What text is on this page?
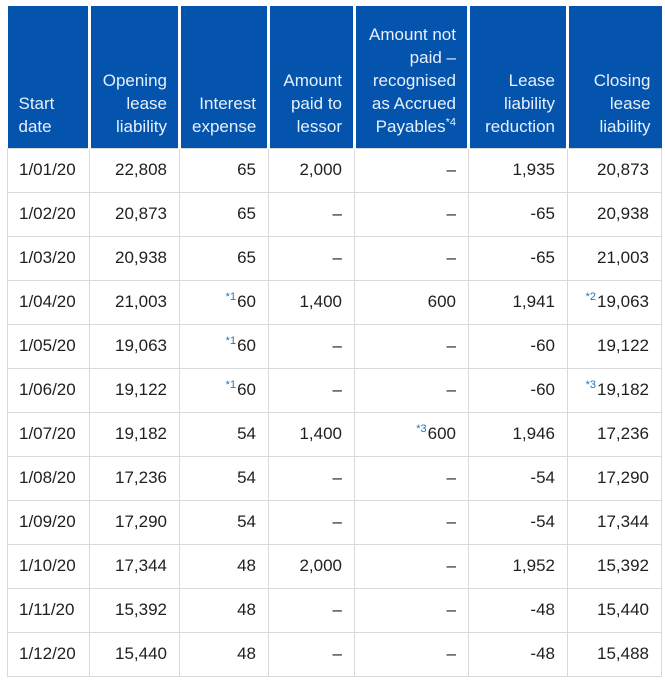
Start date	Opening lease liability	Interest expense	Amount paid to lessor	Amount not paid – recognised as Accrued Payables$^{*4}$	Lease liability reduction	Closing lease liability
1/01/20	22,808	65	2,000	–	1,935	20,873
1/02/20	20,873	65	–	–	-65	20,938
1/03/20	20,938	65	–	–	-65	21,003
1/04/20	21,003	$^{*1}$60	1,400	600	1,941	$^{*2}$19,063
1/05/20	19,063	$^{*1}$60	–	–	-60	19,122
1/06/20	19,122	$^{*1}$60	–	–	-60	$^{*3}$19,182
1/07/20	19,182	54	1,400	$^{*3}$600	1,946	17,236
1/08/20	17,236	54	–	–	-54	17,290
1/09/20	17,290	54	–	–	-54	17,344
1/10/20	17,344	48	2,000	–	1,952	15,392
1/11/20	15,392	48	–	–	-48	15,440
1/12/20	15,440	48	–	–	-48	15,488
